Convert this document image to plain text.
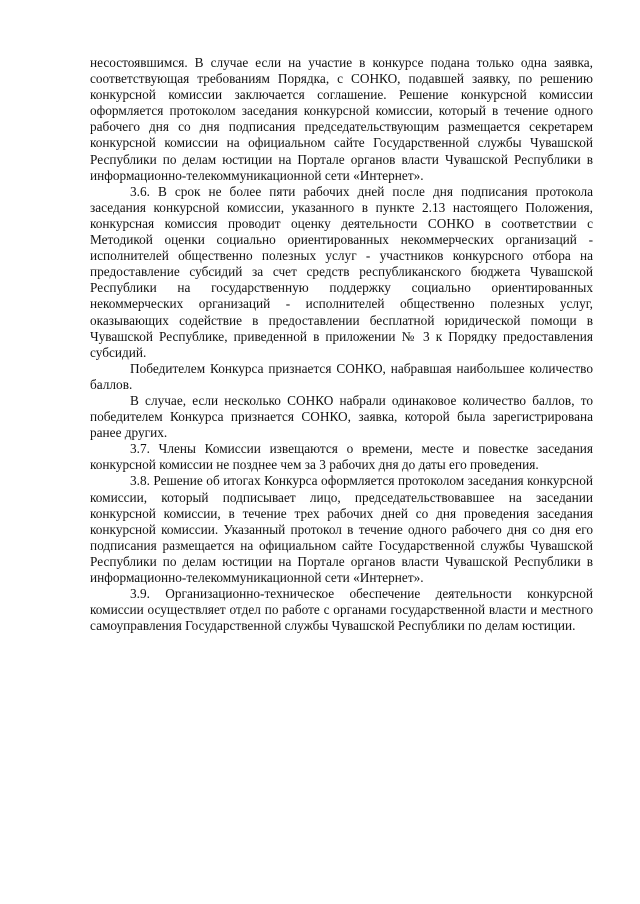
несостоявшимся. В случае если на участие в конкурсе подана только одна заявка, соответствующая требованиям Порядка, с СОНКО, подавшей заявку, по решению конкурсной комиссии заключается соглашение. Решение конкурсной комиссии оформляется протоколом заседания конкурсной комиссии, который в течение одного рабочего дня со дня подписания председательствующим размещается секретарем конкурсной комиссии на официальном сайте Государственной службы Чувашской Республики по делам юстиции на Портале органов власти Чувашской Республики в информационно-телекоммуникационной сети «Интернет».

3.6. В срок не более пяти рабочих дней после дня подписания протокола заседания конкурсной комиссии, указанного в пункте 2.13 настоящего Положения, конкурсная комиссия проводит оценку деятельности СОНКО в соответствии с Методикой оценки социально ориентированных некоммерческих организаций - исполнителей общественно полезных услуг - участников конкурсного отбора на предоставление субсидий за счет средств республиканского бюджета Чувашской Республики на государственную поддержку социально ориентированных некоммерческих организаций - исполнителей общественно полезных услуг, оказывающих содействие в предоставлении бесплатной юридической помощи в Чувашской Республике, приведенной в приложении № 3 к Порядку предоставления субсидий.

Победителем Конкурса признается СОНКО, набравшая наибольшее количество баллов.

В случае, если несколько СОНКО набрали одинаковое количество баллов, то победителем Конкурса признается СОНКО, заявка, которой была зарегистрирована ранее других.

3.7. Члены Комиссии извещаются о времени, месте и повестке заседания конкурсной комиссии не позднее чем за 3 рабочих дня до даты его проведения.

3.8. Решение об итогах Конкурса оформляется протоколом заседания конкурсной комиссии, который подписывает лицо, председательствовавшее на заседании конкурсной комиссии, в течение трех рабочих дней со дня проведения заседания конкурсной комиссии. Указанный протокол в течение одного рабочего дня со дня его подписания размещается на официальном сайте Государственной службы Чувашской Республики по делам юстиции на Портале органов власти Чувашской Республики в информационно-телекоммуникационной сети «Интернет».

3.9. Организационно-техническое обеспечение деятельности конкурсной комиссии осуществляет отдел по работе с органами государственной власти и местного самоуправления Государственной службы Чувашской Республики по делам юстиции.
